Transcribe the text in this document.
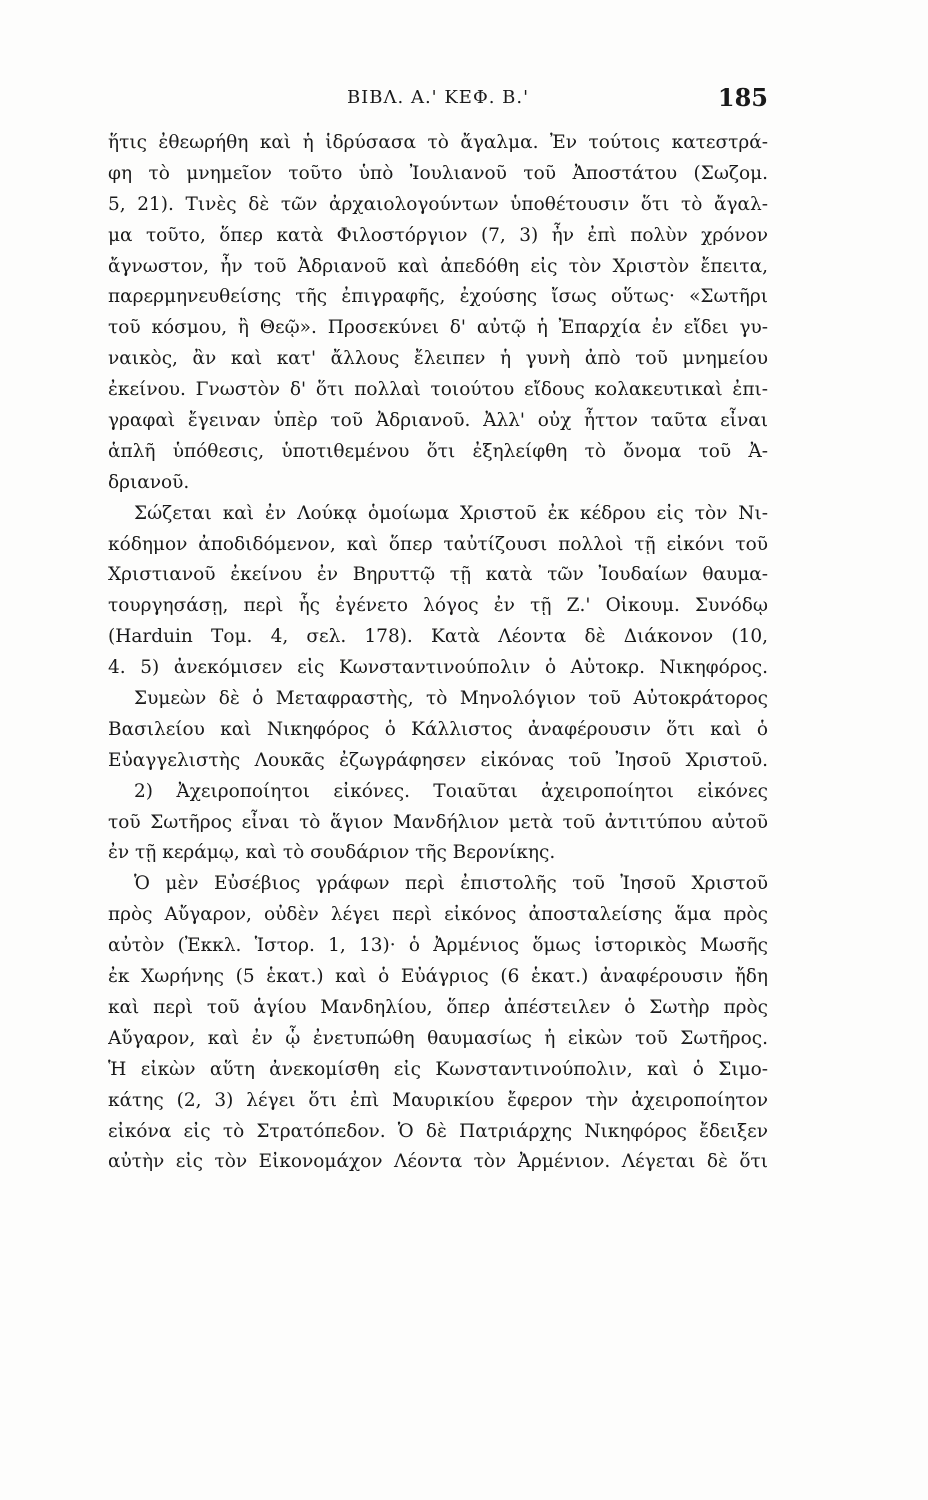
ΒΙΒΛ. Α.' ΚΕΦ. Β.'	185
ἥτις ἐθεωρήθη καὶ ἡ ἱδρύσασα τὸ ἄγαλμα. Ἐν τούτοις κατεστρά-
φη τὸ μνημεῖον τοῦτο ὑπὸ Ἰουλιανοῦ τοῦ Ἀποστάτου (Σωζομ.
5, 21). Τινὲς δὲ τῶν ἀρχαιολογούντων ὑποθέτουσιν ὅτι τὸ ἄγαλ-
μα τοῦτο, ὅπερ κατὰ Φιλοστόργιον (7, 3) ἦν ἐπὶ πολὺν χρόνον
ἄγνωστον, ἦν τοῦ Ἀδριανοῦ καὶ ἀπεδόθη εἰς τὸν Χριστὸν ἔπειτα,
παρερμηνευθείσης τῆς ἐπιγραφῆς, ἐχούσης ἴσως οὕτως· «Σωτῆρι
τοῦ κόσμου, ἢ Θεῷ». Προσεκύνει δ' αὐτῷ ἡ Ἐπαρχία ἐν εἴδει γυ-
ναικὸς, ἂν καὶ κατ' ἄλλους ἔλειπεν ἡ γυνὴ ἀπὸ τοῦ μνημείου
ἐκείνου. Γνωστὸν δ' ὅτι πολλαὶ τοιούτου εἴδους κολακευτικαὶ ἐπι-
γραφαὶ ἔγειναν ὑπὲρ τοῦ Ἀδριανοῦ. Ἀλλ' οὐχ ἧττον ταῦτα εἶναι
ἁπλῆ ὑπόθεσις, ὑποτιθεμένου ὅτι ἐξηλείφθη τὸ ὄνομα τοῦ Ἀ-
δριανοῦ.
Σώζεται καὶ ἐν Λούκᾳ ὁμοίωμα Χριστοῦ ἐκ κέδρου εἰς τὸν Νι-
κόδημον ἀποδιδόμενον, καὶ ὅπερ ταὐτίζουσι πολλοὶ τῇ εἰκόνι τοῦ
Χριστιανοῦ ἐκείνου ἐν Βηρυττῷ τῇ κατὰ τῶν Ἰουδαίων θαυμα-
τουργησάσῃ, περὶ ἧς ἐγένετο λόγος ἐν τῇ Ζ.' Οἰκουμ. Συνόδῳ
(Harduin Τομ. 4, σελ. 178). Κατὰ Λέοντα δὲ Διάκονον (10,
4. 5) ἀνεκόμισεν εἰς Κωνσταντινούπολιν ὁ Αὐτοκρ. Νικηφόρος.
Συμεὼν δὲ ὁ Μεταφραστὴς, τὸ Μηνολόγιον τοῦ Αὐτοκράτορος
Βασιλείου καὶ Νικηφόρος ὁ Κάλλιστος ἀναφέρουσιν ὅτι καὶ ὁ
Εὐαγγελιστὴς Λουκᾶς ἐζωγράφησεν εἰκόνας τοῦ Ἰησοῦ Χριστοῦ.
2) Ἀχειροποίητοι εἰκόνες. Τοιαῦται ἀχειροποίητοι εἰκόνες
τοῦ Σωτῆρος εἶναι τὸ ἅγιον Μανδήλιον μετὰ τοῦ ἀντιτύπου αὐτοῦ
ἐν τῇ κεράμῳ, καὶ τὸ σουδάριον τῆς Βερονίκης.
Ὁ μὲν Εὐσέβιος γράφων περὶ ἐπιστολῆς τοῦ Ἰησοῦ Χριστοῦ
πρὸς Αὔγαρον, οὐδὲν λέγει περὶ εἰκόνος ἀποσταλείσης ἅμα πρὸς
αὐτὸν (Ἐκκλ. Ἱστορ. 1, 13)· ὁ Ἀρμένιος ὅμως ἱστορικὸς Μωσῆς
ἐκ Χωρήνης (5 ἑκατ.) καὶ ὁ Εὐάγριος (6 ἑκατ.) ἀναφέρουσιν ἤδη
καὶ περὶ τοῦ ἁγίου Μανδηλίου, ὅπερ ἀπέστειλεν ὁ Σωτὴρ πρὸς
Αὔγαρον, καὶ ἐν ᾧ ἐνετυπώθη θαυμασίως ἡ εἰκὼν τοῦ Σωτῆρος.
Ἡ εἰκὼν αὕτη ἀνεκομίσθη εἰς Κωνσταντινούπολιν, καὶ ὁ Σιμο-
κάτης (2, 3) λέγει ὅτι ἐπὶ Μαυρικίου ἔφερον τὴν ἀχειροποίητον
εἰκόνα εἰς τὸ Στρατόπεδον. Ὁ δὲ Πατριάρχης Νικηφόρος ἔδειξεν
αὐτὴν εἰς τὸν Εἰκονομάχον Λέοντα τὸν Ἀρμένιον. Λέγεται δὲ ὅτι
